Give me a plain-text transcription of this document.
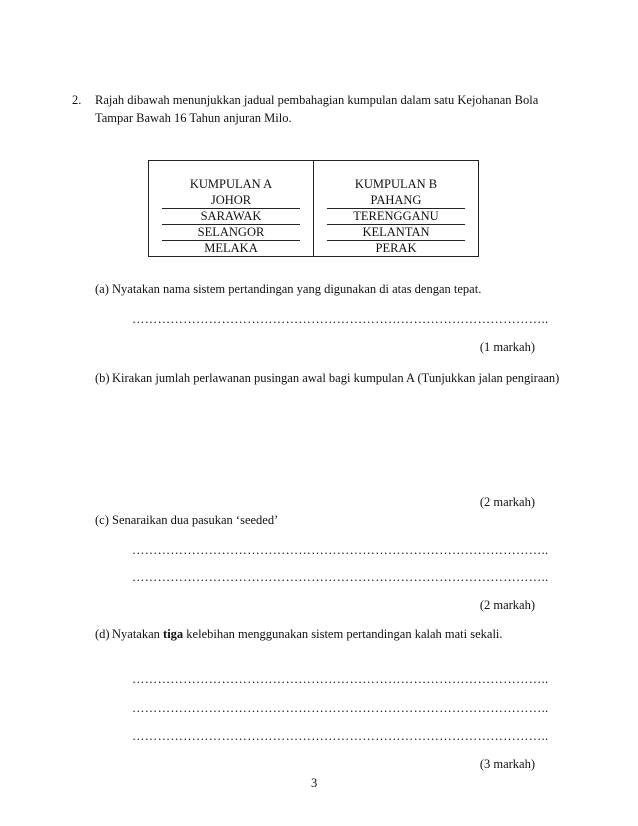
2. Rajah dibawah menunjukkan jadual pembahagian kumpulan dalam satu Kejohanan Bola
Tampar Bawah 16 Tahun anjuran Milo.
KUMPULAN A	KUMPULAN B
JOHOR	PAHANG
SARAWAK	TERENGGANU
SELANGOR	KELANTAN
MELAKA	PERAK
(a) Nyatakan nama sistem pertandingan yang digunakan di atas dengan tepat.
……………………………………………………………………………………..
(1 markah)
(b) Kirakan jumlah perlawanan pusingan awal bagi kumpulan A (Tunjukkan jalan pengiraan)
(2 markah)
(c) Senaraikan dua pasukan ‘seeded’
……………………………………………………………………………………..
……………………………………………………………………………………..
(2 markah)
(d) Nyatakan tiga kelebihan menggunakan sistem pertandingan kalah mati sekali.
……………………………………………………………………………………..
……………………………………………………………………………………..
……………………………………………………………………………………..
(3 markah)
3
